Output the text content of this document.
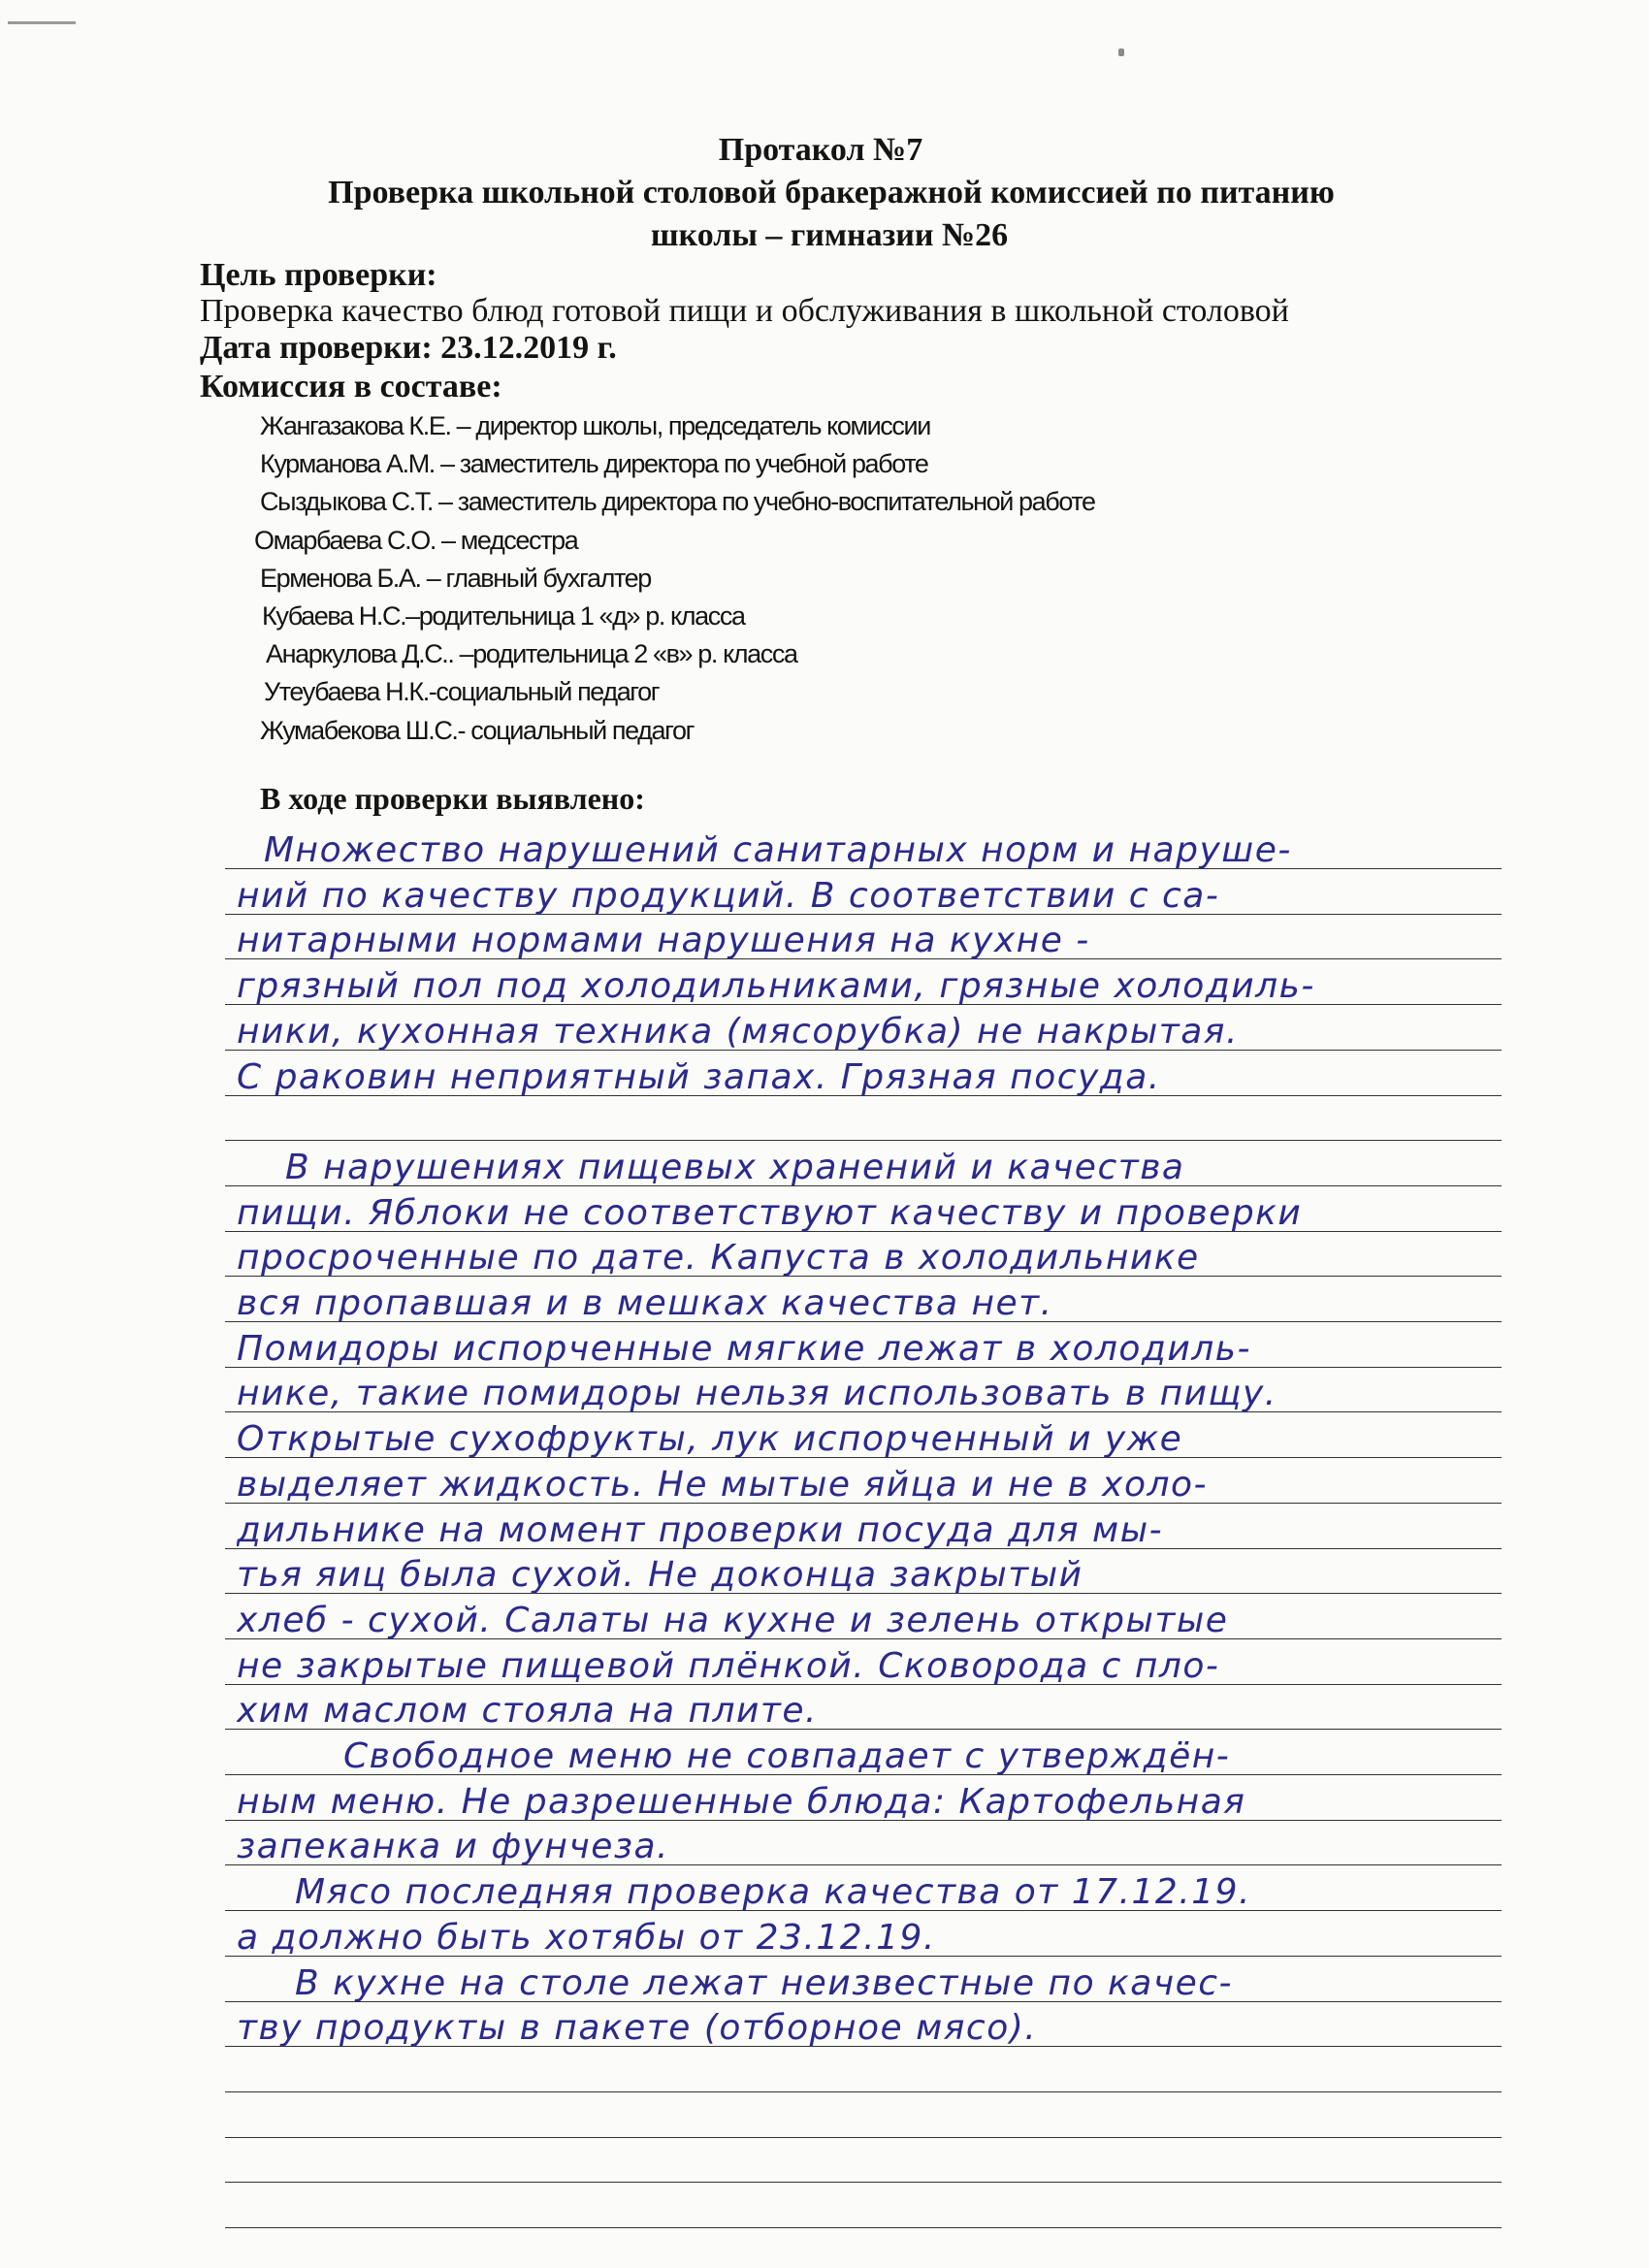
Протакол №7
Проверка школьной столовой бракеражной комиссией по питанию
школы – гимназии №26
Цель проверки:
Проверка качество блюд готовой пищи и обслуживания в школьной столовой
Дата проверки: 23.12.2019 г.
Комиссия в составе:
Жангазакова К.Е. – директор школы, председатель комиссии
Курманова А.М. – заместитель директора по учебной работе
Сыздыкова С.Т. – заместитель директора по учебно-воспитательной работе
Омарбаева С.О. – медсестра
Ерменова Б.А. – главный бухгалтер
Кубаева Н.С.–родительница 1 «д» р. класса
Анаркулова Д.С.. –родительница 2 «в» р. класса
Утеубаева Н.К.-социальный педагог
Жумабекова Ш.С.- социальный педагог
В ходе проверки выявлено:
Множество нарушений санитарных норм и наруше-
ний по качеству продукций. В соответствии с са-
нитарными нормами нарушения на кухне -
грязный пол под холодильниками, грязные холодиль-
ники, кухонная техника (мясорубка) не накрытая.
С раковин неприятный запах. Грязная посуда.
В нарушениях пищевых хранений и качества
пищи. Яблоки не соответствуют качеству и проверки
просроченные по дате. Капуста в холодильнике
вся пропавшая и в мешках качества нет.
Помидоры испорченные мягкие лежат в холодиль-
нике, такие помидоры нельзя использовать в пищу.
Открытые сухофрукты, лук испорченный и уже
выделяет жидкость. Не мытые яйца и не в холо-
дильнике на момент проверки посуда для мы-
тья яиц была сухой. Не доконца закрытый
хлеб - сухой. Салаты на кухне и зелень открытые
не закрытые пищевой плёнкой. Сковорода с пло-
хим маслом стояла на плите.
Свободное меню не совпадает с утверждён-
ным меню. Не разрешенные блюда: Картофельная
запеканка и фунчеза.
Мясо последняя проверка качества от 17.12.19.
а должно быть хотябы от 23.12.19.
В кухне на столе лежат неизвестные по качес-
тву продукты в пакете (отборное мясо).
